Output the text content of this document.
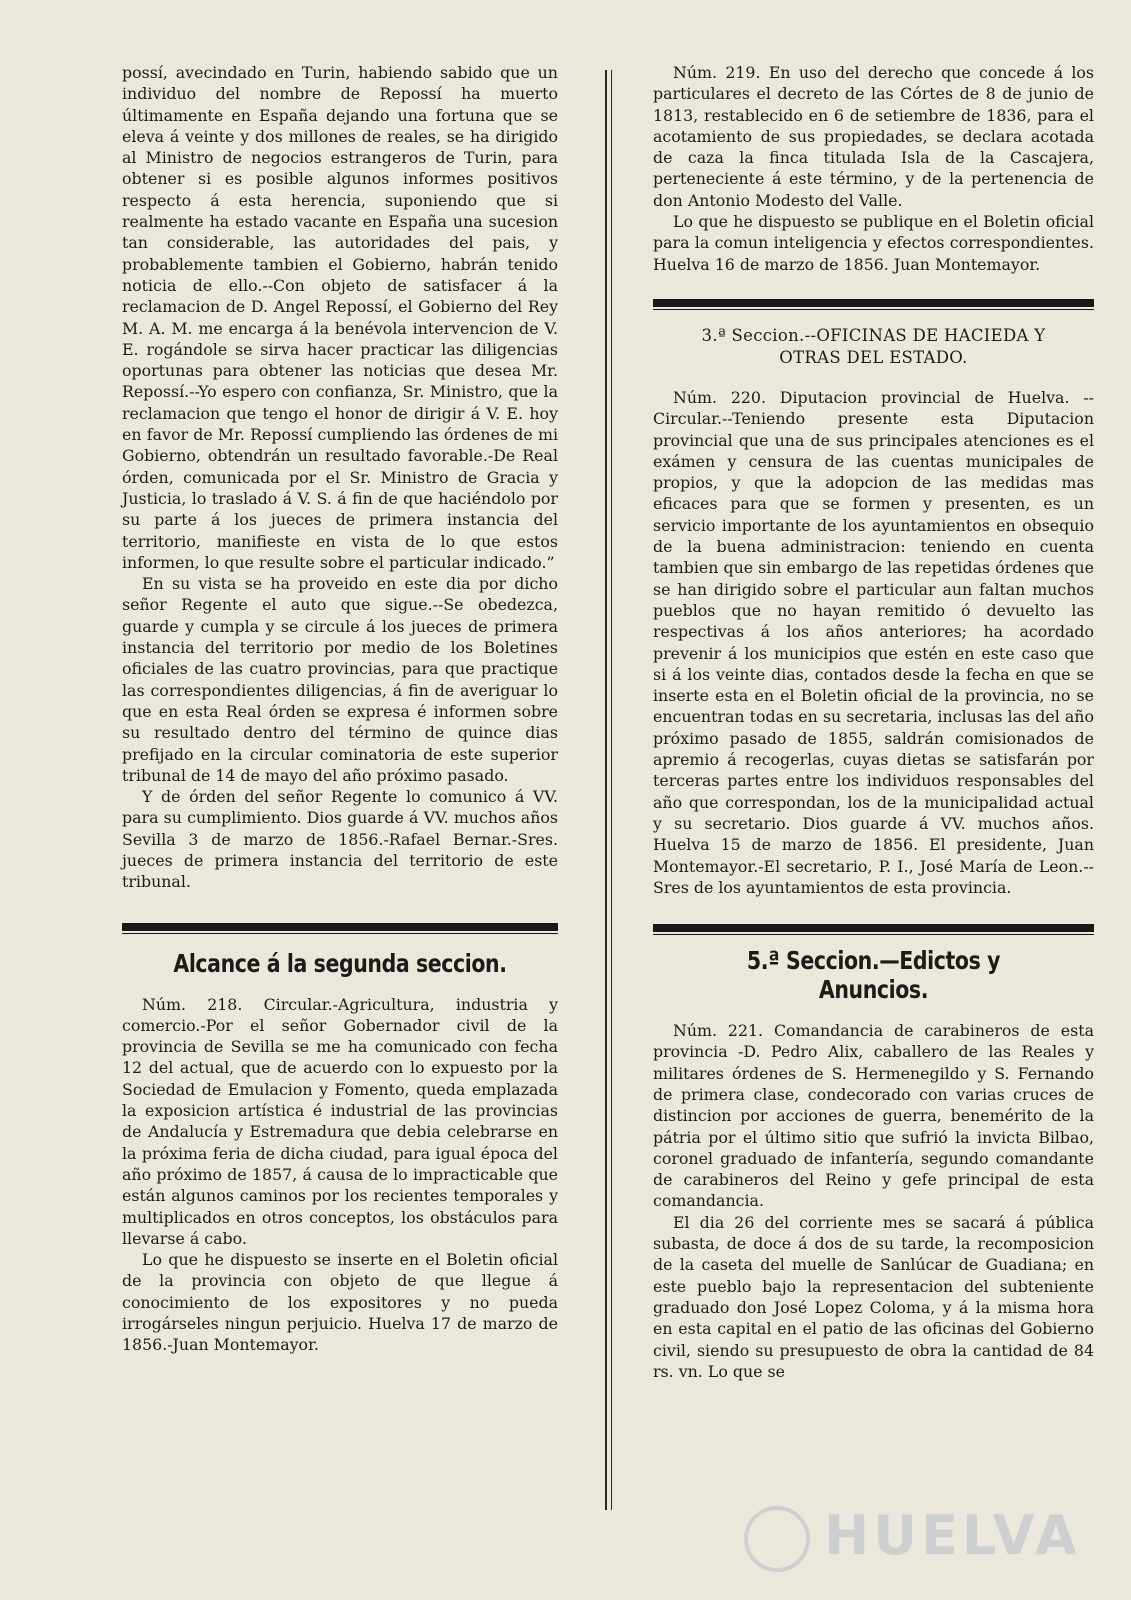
possí, avecindado en Turin, habiendo sabido que un individuo del nombre de Repossí ha muerto últimamente en España dejando una fortuna que se eleva á veinte y dos millones de reales, se ha dirigido al Ministro de negocios estrangeros de Turin, para obtener si es posible algunos informes positivos respecto á esta herencia, suponiendo que si realmente ha estado vacante en España una sucesion tan considerable, las autoridades del pais, y probablemente tambien el Gobierno, habrán tenido noticia de ello.--Con objeto de satisfacer á la reclamacion de D. Angel Repossí, el Gobierno del Rey M. A. M. me encarga á la benévola intervencion de V. E. rogándole se sirva hacer practicar las diligencias oportunas para obtener las noticias que desea Mr. Repossí.--Yo espero con confianza, Sr. Ministro, que la reclamacion que tengo el honor de dirigir á V. E. hoy en favor de Mr. Repossí cumpliendo las órdenes de mi Gobierno, obtendrán un resultado favorable.-De Real órden, comunicada por el Sr. Ministro de Gracia y Justicia, lo traslado á V. S. á fin de que haciéndolo por su parte á los jueces de primera instancia del territorio, manifieste en vista de lo que estos informen, lo que resulte sobre el particular indicado.”

En su vista se ha proveido en este dia por dicho señor Regente el auto que sigue.--Se obedezca, guarde y cumpla y se circule á los jueces de primera instancia del territorio por medio de los Boletines oficiales de las cuatro provincias, para que practique las correspondientes diligencias, á fin de averiguar lo que en esta Real órden se expresa é informen sobre su resultado dentro del término de quince dias prefijado en la circular cominatoria de este superior tribunal de 14 de mayo del año próximo pasado.

Y de órden del señor Regente lo comunico á VV. para su cumplimiento. Dios guarde á VV. muchos años Sevilla 3 de marzo de 1856.-Rafael Bernar.-Sres. jueces de primera instancia del territorio de este tribunal.

Alcance á la segunda seccion.

Núm. 218. Circular.-Agricultura, industria y comercio.-Por el señor Gobernador civil de la provincia de Sevilla se me ha comunicado con fecha 12 del actual, que de acuerdo con lo expuesto por la Sociedad de Emulacion y Fomento, queda emplazada la exposicion artística é industrial de las provincias de Andalucía y Estremadura que debia celebrarse en la próxima feria de dicha ciudad, para igual época del año próximo de 1857, á causa de lo impracticable que están algunos caminos por los recientes temporales y multiplicados en otros conceptos, los obstáculos para llevarse á cabo.

Lo que he dispuesto se inserte en el Boletin oficial de la provincia con objeto de que llegue á conocimiento de los expositores y no pueda irrogárseles ningun perjuicio. Huelva 17 de marzo de 1856.-Juan Montemayor.

Núm. 219. En uso del derecho que concede á los particulares el decreto de las Córtes de 8 de junio de 1813, restablecido en 6 de setiembre de 1836, para el acotamiento de sus propiedades, se declara acotada de caza la finca titulada Isla de la Cascajera, perteneciente á este término, y de la pertenencia de don Antonio Modesto del Valle.

Lo que he dispuesto se publique en el Boletin oficial para la comun inteligencia y efectos correspondientes. Huelva 16 de marzo de 1856. Juan Montemayor.

3.ª Seccion.--OFICINAS DE HACIEDA Y OTRAS DEL ESTADO.

Núm. 220. Diputacion provincial de Huelva. --Circular.--Teniendo presente esta Diputacion provincial que una de sus principales atenciones es el exámen y censura de las cuentas municipales de propios, y que la adopcion de las medidas mas eficaces para que se formen y presenten, es un servicio importante de los ayuntamientos en obsequio de la buena administracion: teniendo en cuenta tambien que sin embargo de las repetidas órdenes que se han dirigido sobre el particular aun faltan muchos pueblos que no hayan remitido ó devuelto las respectivas á los años anteriores; ha acordado prevenir á los municipios que estén en este caso que si á los veinte dias, contados desde la fecha en que se inserte esta en el Boletin oficial de la provincia, no se encuentran todas en su secretaria, inclusas las del año próximo pasado de 1855, saldrán comisionados de apremio á recogerlas, cuyas dietas se satisfarán por terceras partes entre los individuos responsables del año que correspondan, los de la municipalidad actual y su secretario. Dios guarde á VV. muchos años. Huelva 15 de marzo de 1856. El presidente, Juan Montemayor.-El secretario, P. I., José María de Leon.--Sres de los ayuntamientos de esta provincia.

5.ª Seccion.—Edictos y Anuncios.

Núm. 221. Comandancia de carabineros de esta provincia -D. Pedro Alix, caballero de las Reales y militares órdenes de S. Hermenegildo y S. Fernando de primera clase, condecorado con varias cruces de distincion por acciones de guerra, benemérito de la pátria por el último sitio que sufrió la invicta Bilbao, coronel graduado de infantería, segundo comandante de carabineros del Reino y gefe principal de esta comandancia.

El dia 26 del corriente mes se sacará á pública subasta, de doce á dos de su tarde, la recomposicion de la caseta del muelle de Sanlúcar de Guadiana; en este pueblo bajo la representacion del subteniente graduado don José Lopez Coloma, y á la misma hora en esta capital en el patio de las oficinas del Gobierno civil, siendo su presupuesto de obra la cantidad de 84 rs. vn. Lo que se

HUELVA
